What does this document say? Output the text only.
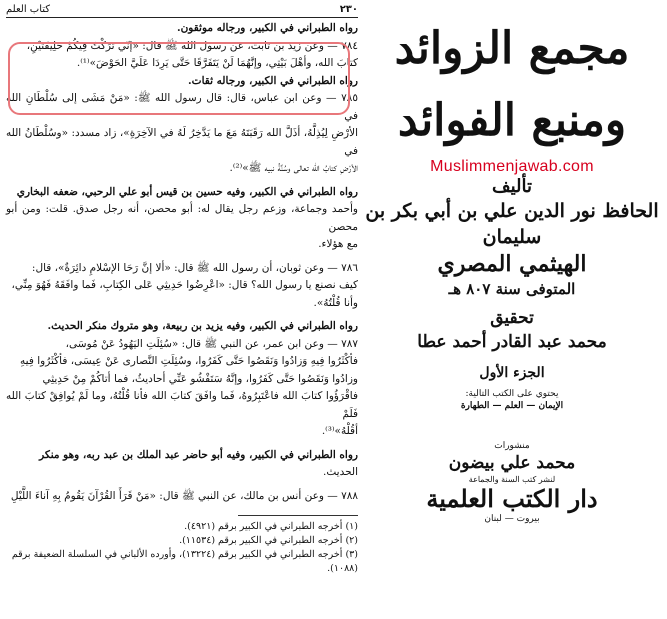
٢٣٠
كتاب العلم
رواه الطبراني في الكبير، ورجاله موثقون.
٧٨٤ — وعن زيد بن ثابت، عن رسول الله ﷺ قال: «إنّي تَرَكْتُ فِيكُمْ خَلِيفَتَيْنِ،
كتابَ الله، وأهْلَ بَيْتِي، وإنَّهُمَا لَنْ يَتَفَرَّقَا حَتَّى يَرِدَا عَلَيَّ الحَوْضَ»⁽¹⁾.
رواه الطبراني في الكبير، ورجاله ثقات.
٧٨٥ — وعن ابن عباس، قال: قال رسول الله ﷺ: «مَنْ مَشَى إلى سُلْطَانِ الله في
الأرْضِ لِيُذِلَّهُ، أذَلَّ الله رَقَبَتَهُ مَعَ ما يَدَّخِرُ لَهُ في الآخِرَةِ»، زاد مسدد: «وسُلْطَانُ الله في
الأرْضِ كتابُ الله تعالى وسُنَّةُ نبيه ﷺ»⁽²⁾.
رواه الطبراني في الكبير، وفيه حسين بن قيس أبو علي الرحبي، ضعفه البخاري
وأحمد وجماعة، وزعم رجل يقال له: أبو محصن، أنه رجل صدق. قلت: ومن أبو محصن
مع هؤلاء.
٧٨٦ — وعن ثوبان، أن رسول الله ﷺ قال: «ألا إنَّ رَحَا الإسْلامِ دائِرَةٌ»، قال:
كيف نصنع يا رسول الله؟ قال: «اعْرِضُوا حَدِيثِي عَلى الكِتابِ، فَما وافَقَهُ فَهُوَ مِنِّي،
وأنا قُلْتُهُ».
رواه الطبراني في الكبير، وفيه يزيد بن ربيعة، وهو متروك منكر الحديث.
٧٨٧ — وعن ابن عمر، عن النبي ﷺ قال: «سُئِلَتِ اليَهُودُ عَنْ مُوسَى،
فأكْثَرُوا فِيهِ وَزادُوا وَنَقَصُوا حَتَّى كَفَرُوا، وسُئِلَتِ النَّصارى عَنْ عِيسَى، فأكْثَرُوا فِيهِ
وزادُوا وَنَقَصُوا حَتَّى كَفَرُوا، وإنَّهُ سَتَفْشُو عَنِّي أحاديثُ، فما أتاكُمْ مِنْ حَدِيثِي
فاقْرَؤُوا كتابَ الله فاعْتَبِرُوهُ، فَما وافَقَ كتابَ الله فأنا قُلْتُهُ، وما لَمْ يُوافِقْ كتابَ الله فَلَمْ
أقُلْهُ»⁽³⁾.
رواه الطبراني في الكبير، وفيه أبو حاضر عبد الملك بن عبد ربه، وهو منكر
الحديث.
٧٨٨ — وعن أنس بن مالك، عن النبي ﷺ قال: «مَنْ قَرَأَ القُرْآنَ يَقُومُ بِهِ آناءَ اللَّيْلِ
(١) أخرجه الطبراني في الكبير برقم (٤٩٢١).
(٢) أخرجه الطبراني في الكبير برقم (١١٥٣٤).
(٣) أخرجه الطبراني في الكبير برقم (١٣٢٢٤)، وأورده الألباني في السلسلة الضعيفة برقم
(١٠٨٨).
مجمع الزوائد
ومنبع الفوائد
Muslimmenjawab.com
تأليف
الحافظ نور الدين علي بن أبي بكر بن سليمان
الهيثمي المصري
المتوفى سنة ٨٠٧ هـ
تحقيق
محمد عبد القادر أحمد عطا
الجزء الأول
يحتوي على الكتب التالية:
الإيمان — العلم — الطهارة
منشورات
محمد علي بيضون
لنشر كتب السنة والجماعة
دار الكتب العلمية
بيروت — لبنان
